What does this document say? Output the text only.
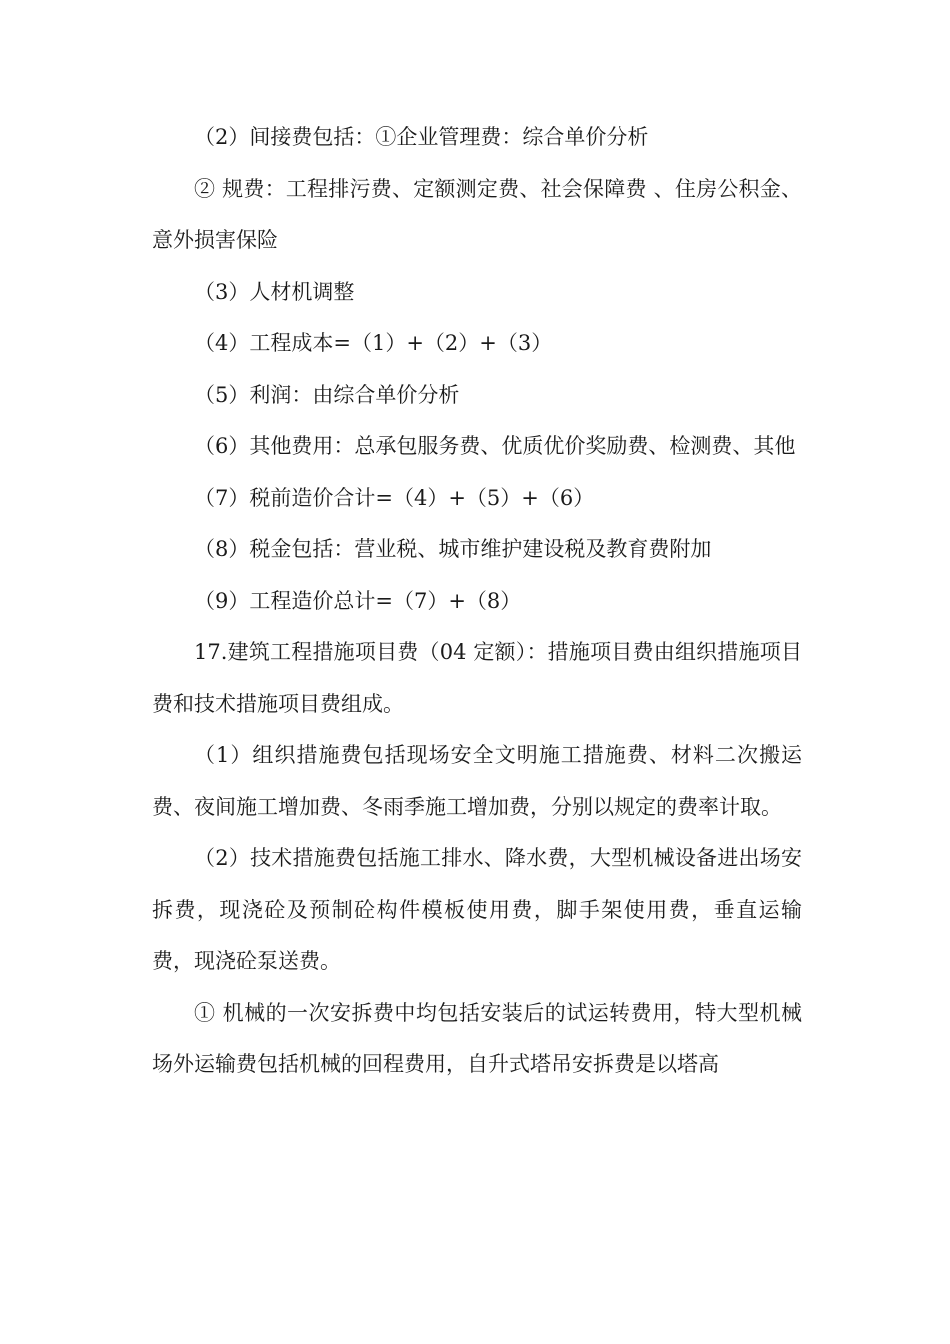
（2）间接费包括：①企业管理费：综合单价分析

② 规费：工程排污费、定额测定费、社会保障费 、住房公积金、意外损害保险

（3）人材机调整

（4）工程成本=（1）+（2）+（3）

（5）利润：由综合单价分析

（6）其他费用：总承包服务费、优质优价奖励费、检测费、其他

（7）税前造价合计=（4）+（5）+（6）

（8）税金包括：营业税、城市维护建设税及教育费附加

（9）工程造价总计=（7）+（8）

17.建筑工程措施项目费（04 定额）：措施项目费由组织措施项目费和技术措施项目费组成。

（1）组织措施费包括现场安全文明施工措施费、材料二次搬运费、夜间施工增加费、冬雨季施工增加费，分别以规定的费率计取。

（2）技术措施费包括施工排水、降水费，大型机械设备进出场安拆费，现浇砼及预制砼构件模板使用费，脚手架使用费，垂直运输费，现浇砼泵送费。

① 机械的一次安拆费中均包括安装后的试运转费用，特大型机械场外运输费包括机械的回程费用，自升式塔吊安拆费是以塔高
